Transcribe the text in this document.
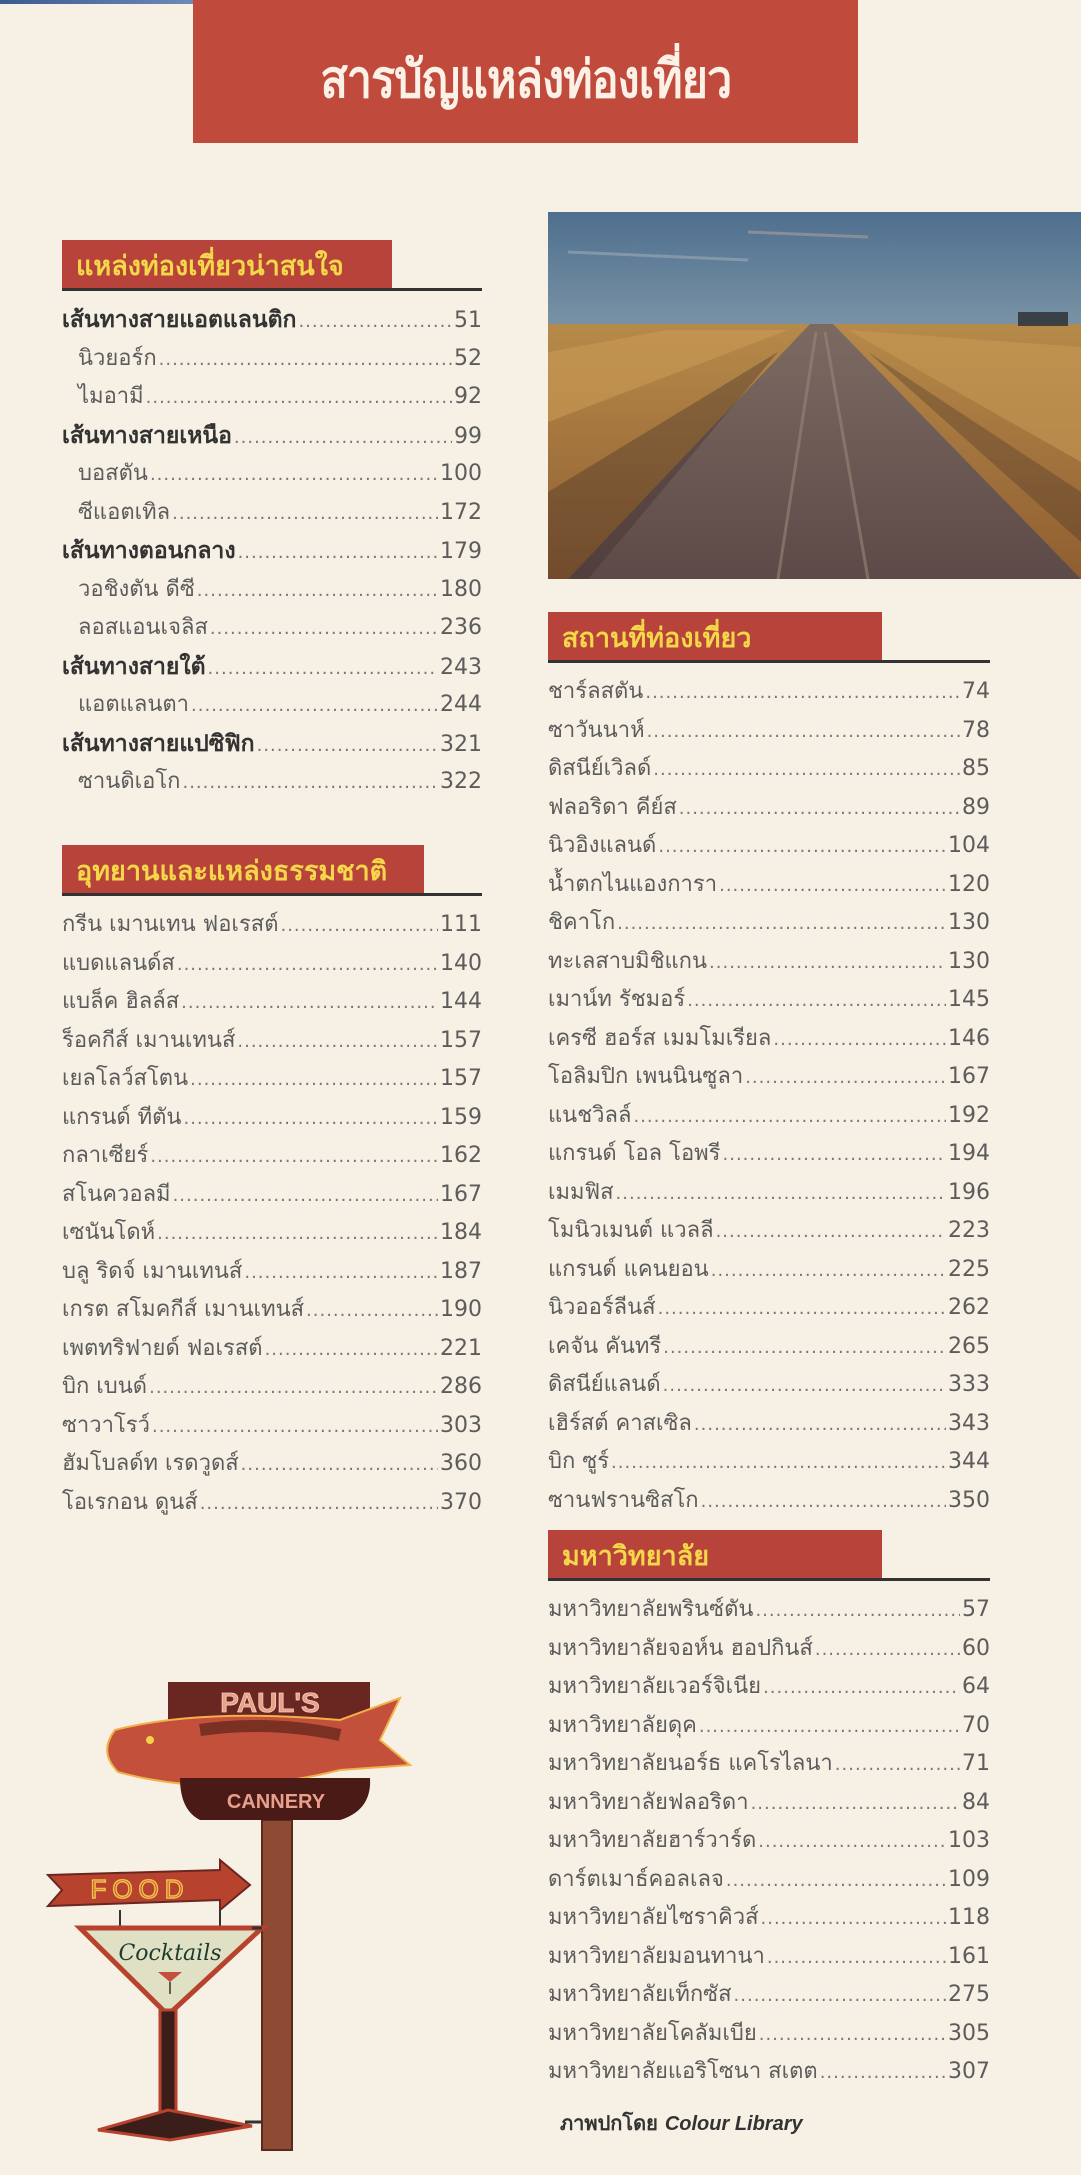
สารบัญแหล่งท่องเที่ยว
แหล่งท่องเที่ยวน่าสนใจ
เส้นทางสายแอตแลนติก .....	51
นิวยอร์ก .....	52
ไมอามี .....	92
เส้นทางสายเหนือ .....	99
บอสตัน .....	100
ซีแอตเทิล .....	172
เส้นทางตอนกลาง .....	179
วอชิงตัน ดีซี .....	180
ลอสแอนเจลิส .....	236
เส้นทางสายใต้ .....	243
แอตแลนตา .....	244
เส้นทางสายแปซิฟิก .....	321
ซานดิเอโก .....	322
อุทยานและแหล่งธรรมชาติ
กรีน เมานเทน ฟอเรสต์ .....	111
แบดแลนด์ส .....	140
แบล็ค ฮิลล์ส .....	144
ร็อคกีส์ เมานเทนส์ .....	157
เยลโลว์สโตน .....	157
แกรนด์ ทีตัน .....	159
กลาเซียร์ .....	162
สโนควอลมี .....	167
เซนันโดห์ .....	184
บลู ริดจ์ เมานเทนส์ .....	187
เกรต สโมคกีส์ เมานเทนส์ .....	190
เพตทริฟายด์ ฟอเรสต์ .....	221
บิก เบนด์ .....	286
ซาวาโรว์ .....	303
ฮัมโบลด์ท เรดวูดส์ .....	360
โอเรกอน ดูนส์ .....	370
สถานที่ท่องเที่ยว
ชาร์ลสตัน .....	74
ซาวันนาห์ .....	78
ดิสนีย์เวิลด์ .....	85
ฟลอริดา คีย์ส .....	89
นิวอิงแลนด์ .....	104
น้ำตกไนแองการา .....	120
ชิคาโก .....	130
ทะเลสาบมิชิแกน .....	130
เมาน์ท รัชมอร์ .....	145
เครซี ฮอร์ส เมมโมเรียล .....	146
โอลิมปิก เพนนินซูลา .....	167
แนชวิลล์ .....	192
แกรนด์ โอล โอพรี .....	194
เมมฟิส .....	196
โมนิวเมนต์ แวลลี .....	223
แกรนด์ แคนยอน .....	225
นิวออร์ลีนส์ .....	262
เคจัน คันทรี .....	265
ดิสนีย์แลนด์ .....	333
เฮิร์สต์ คาสเซิล .....	343
บิก ซูร์ .....	344
ซานฟรานซิสโก .....	350
มหาวิทยาลัย
มหาวิทยาลัยพรินซ์ตัน .....	57
มหาวิทยาลัยจอห์น ฮอปกินส์ .....	60
มหาวิทยาลัยเวอร์จิเนีย .....	64
มหาวิทยาลัยดุค .....	70
มหาวิทยาลัยนอร์ธ แคโรไลนา .....	71
มหาวิทยาลัยฟลอริดา .....	84
มหาวิทยาลัยฮาร์วาร์ด .....	103
ดาร์ตเมาธ์คอลเลจ .....	109
มหาวิทยาลัยไซราคิวส์ .....	118
มหาวิทยาลัยมอนทานา .....	161
มหาวิทยาลัยเท็กซัส .....	275
มหาวิทยาลัยโคลัมเบีย .....	305
มหาวิทยาลัยแอริโซนา สเตต .....	307
PAUL'S
CANNERY
FOOD
Cocktails
ภาพปกโดย Colour Library
